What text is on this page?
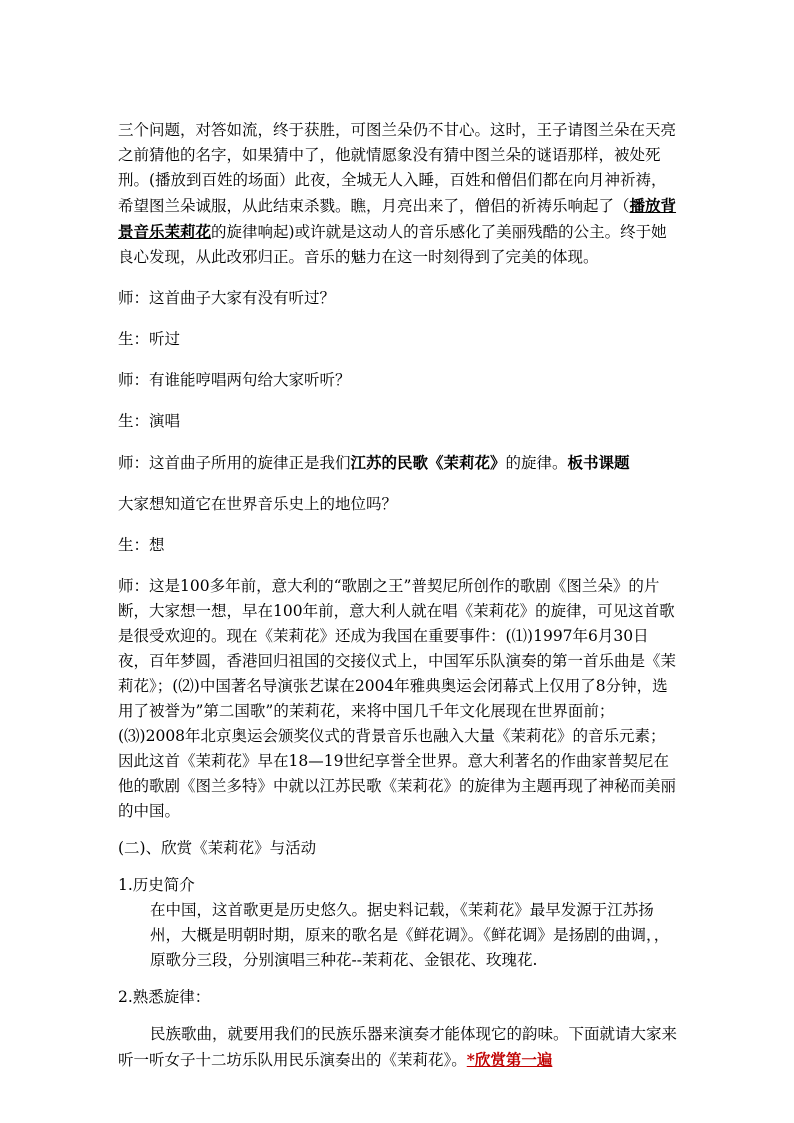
三个问题，对答如流，终于获胜，可图兰朵仍不甘心。这时，王子请图兰朵在天亮之前猜他的名字，如果猜中了，他就情愿象没有猜中图兰朵的谜语那样，被处死刑。(播放到百姓的场面）此夜，全城无人入睡，百姓和僧侣们都在向月神祈祷，希望图兰朵诚服，从此结束杀戮。瞧，月亮出来了，僧侣的祈祷乐响起了（播放背景音乐茉莉花的旋律响起)或许就是这动人的音乐感化了美丽残酷的公主。终于她良心发现，从此改邪归正。音乐的魅力在这一时刻得到了完美的体现。

师：这首曲子大家有没有听过？

生：听过

师：有谁能哼唱两句给大家听听？

生：演唱

师：这首曲子所用的旋律正是我们江苏的民歌《茉莉花》的旋律。板书课题

大家想知道它在世界音乐史上的地位吗？

生：想

师：这是100多年前，意大利的“歌剧之王”普契尼所创作的歌剧《图兰朵》的片断，大家想一想，早在100年前，意大利人就在唱《茉莉花》的旋律，可见这首歌是很受欢迎的。现在《茉莉花》还成为我国在重要事件：(⑴)1997年6月30日夜，百年梦圆，香港回归祖国的交接仪式上，中国军乐队演奏的第一首乐曲是《茉莉花》；(⑵)中国著名导演张艺谋在2004年雅典奥运会闭幕式上仅用了8分钟，选用了被誉为”第二国歌”的茉莉花，来将中国几千年文化展现在世界面前；(⑶)2008年北京奥运会颁奖仪式的背景音乐也融入大量《茉莉花》的音乐元素；因此这首《茉莉花》早在18—19世纪享誉全世界。意大利著名的作曲家普契尼在他的歌剧《图兰多特》中就以江苏民歌《茉莉花》的旋律为主题再现了神秘而美丽的中国。

(二)、欣赏《茉莉花》与活动

1.历史简介

在中国，这首歌更是历史悠久。据史料记载，《茉莉花》最早发源于江苏扬州，大概是明朝时期，原来的歌名是《鲜花调》。《鲜花调》是扬剧的曲调，，原歌分三段，分别演唱三种花--茉莉花、金银花、玫瑰花.

2.熟悉旋律：

民族歌曲，就要用我们的民族乐器来演奏才能体现它的韵味。下面就请大家来听一听女子十二坊乐队用民乐演奏出的《茉莉花》。*欣赏第一遍
